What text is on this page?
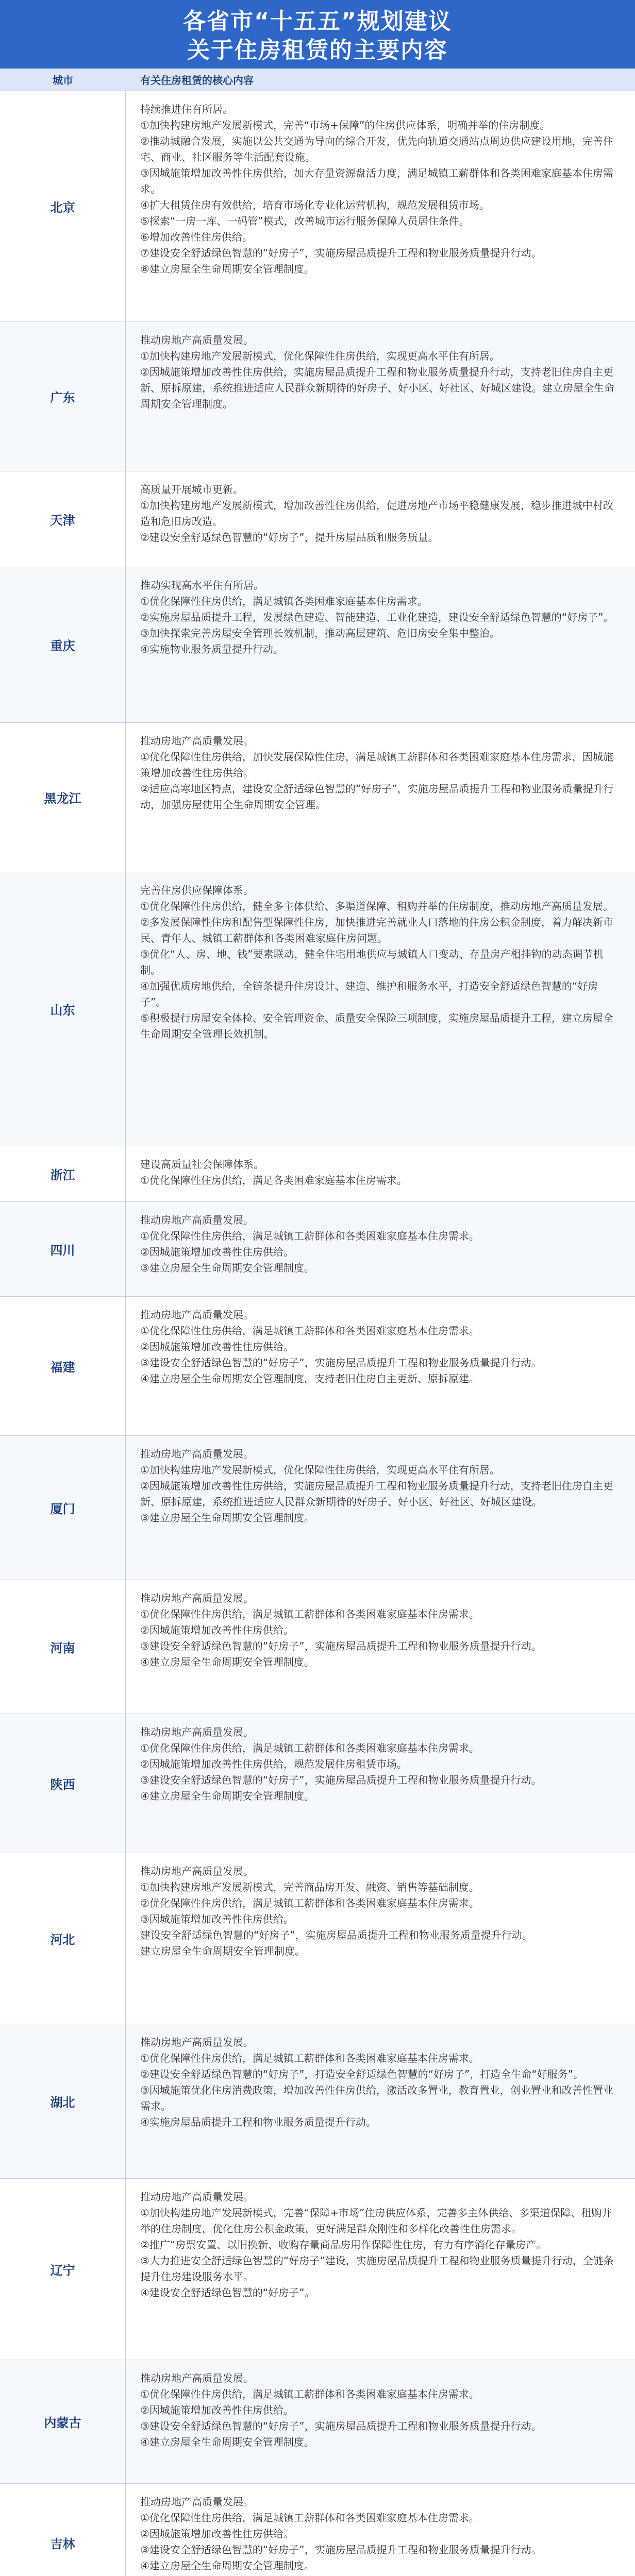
各省市“十五五”规划建议
关于住房租赁的主要内容
城市	有关住房租赁的核心内容
北京

持续推进住有所居。

①加快构建房地产发展新模式，完善“市场+保障”的住房供应体系，明确并举的住房制度。

②推动城融合发展，实施以公共交通为导向的综合开发，优先向轨道交通站点周边供应建设用地，完善住宅、商业、社区服务等生活配套设施。

③因城施策增加改善性住房供给，加大存量资源盘活力度，满足城镇工薪群体和各类困难家庭基本住房需求。

④扩大租赁住房有效供给，培育市场化专业化运营机构，规范发展租赁市场。

⑤探索“一房一库、一码管”模式，改善城市运行服务保障人员居住条件。

⑥增加改善性住房供给。

⑦建设安全舒适绿色智慧的“好房子”，实施房屋品质提升工程和物业服务质量提升行动。

⑧建立房屋全生命周期安全管理制度。

广东

推动房地产高质量发展。

①加快构建房地产发展新模式，优化保障性住房供给，实现更高水平住有所居。

②因城施策增加改善性住房供给，实施房屋品质提升工程和物业服务质量提升行动，支持老旧住房自主更新、原拆原建，系统推进适应人民群众新期待的好房子、好小区、好社区、好城区建设。建立房屋全生命周期安全管理制度。

天津

高质量开展城市更新。

①加快构建房地产发展新模式，增加改善性住房供给，促进房地产市场平稳健康发展，稳步推进城中村改造和危旧房改造。

②建设安全舒适绿色智慧的“好房子”，提升房屋品质和服务质量。

重庆

推动实现高水平住有所居。

①优化保障性住房供给，满足城镇各类困难家庭基本住房需求。

②实施房屋品质提升工程，发展绿色建造、智能建造、工业化建造，建设安全舒适绿色智慧的“好房子”。

③加快探索完善房屋安全管理长效机制，推动高层建筑、危旧房安全集中整治。

④实施物业服务质量提升行动。

黑龙江

推动房地产高质量发展。

①优化保障性住房供给，加快发展保障性住房，满足城镇工薪群体和各类困难家庭基本住房需求，因城施策增加改善性住房供给。

②适应高寒地区特点，建设安全舒适绿色智慧的“好房子”，实施房屋品质提升工程和物业服务质量提升行动，加强房屋使用全生命周期安全管理。

山东

完善住房供应保障体系。

①优化保障性住房供给，健全多主体供给、多渠道保障、租购并举的住房制度，推动房地产高质量发展。

②多发展保障性住房和配售型保障性住房，加快推进完善就业人口落地的住房公积金制度，着力解决新市民、青年人、城镇工薪群体和各类困难家庭住房问题。

③优化“人、房、地、钱”要素联动，健全住宅用地供应与城镇人口变动、存量房产相挂钩的动态调节机制。

④加强优质房地供给，全链条提升住房设计、建造、维护和服务水平，打造安全舒适绿色智慧的“好房子”。

⑤积极提行房屋安全体检、安全管理资金、质量安全保险三项制度，实施房屋品质提升工程，建立房屋全生命周期安全管理长效机制。

浙江

建设高质量社会保障体系。

①优化保障性住房供给，满足各类困难家庭基本住房需求。

四川

推动房地产高质量发展。

①优化保障性住房供给，满足城镇工薪群体和各类困难家庭基本住房需求。

②因城施策增加改善性住房供给。

③建立房屋全生命周期安全管理制度。

福建

推动房地产高质量发展。

①优化保障性住房供给，满足城镇工薪群体和各类困难家庭基本住房需求。

②因城施策增加改善性住房供给。

③建设安全舒适绿色智慧的“好房子”，实施房屋品质提升工程和物业服务质量提升行动。

④建立房屋全生命周期安全管理制度，支持老旧住房自主更新、原拆原建。

厦门

推动房地产高质量发展。

①加快构建房地产发展新模式，优化保障性住房供给，实现更高水平住有所居。

②因城施策增加改善性住房供给，实施房屋品质提升工程和物业服务质量提升行动，支持老旧住房自主更新、原拆原建，系统推进适应人民群众新期待的好房子、好小区、好社区、好城区建设。

③建立房屋全生命周期安全管理制度。

河南

推动房地产高质量发展。

①优化保障性住房供给，满足城镇工薪群体和各类困难家庭基本住房需求。

②因城施策增加改善性住房供给。

③建设安全舒适绿色智慧的“好房子”，实施房屋品质提升工程和物业服务质量提升行动。

④建立房屋全生命周期安全管理制度。

陕西

推动房地产高质量发展。

①优化保障性住房供给，满足城镇工薪群体和各类困难家庭基本住房需求。

②因城施策增加改善性住房供给，规范发展住房租赁市场。

③建设安全舒适绿色智慧的“好房子”，实施房屋品质提升工程和物业服务质量提升行动。

④建立房屋全生命周期安全管理制度。

河北

推动房地产高质量发展。

①加快构建房地产发展新模式，完善商品房开发、融资、销售等基础制度。

②优化保障性住房供给，满足城镇工薪群体和各类困难家庭基本住房需求。

③因城施策增加改善性住房供给。

建设安全舒适绿色智慧的“好房子”，实施房屋品质提升工程和物业服务质量提升行动。

建立房屋全生命周期安全管理制度。

湖北

推动房地产高质量发展。

①优化保障性住房供给，满足城镇工薪群体和各类困难家庭基本住房需求。

②建设安全舒适绿色智慧的“好房子”，打造安全舒适绿色智慧的“好房子”，打造全生命“好服务”。

③因城施策优化住房消费政策，增加改善性住房供给，激活改多置业，教育置业，创业置业和改善性置业需求。

④实施房屋品质提升工程和物业服务质量提升行动。

辽宁

推动房地产高质量发展。

①加快构建房地产发展新模式，完善“保障+市场”住房供应体系，完善多主体供给、多渠道保障、租购并举的住房制度，优化住房公积金政策，更好满足群众刚性和多样化改善性住房需求。

②推广“房票安置、以旧换新、收购存量商品房用作保障性住房，有力有序消化存量房产。

③大力推进安全舒适绿色智慧的“好房子”建设，实施房屋品质提升工程和物业服务质量提升行动，全链条提升住房建设服务水平。

④建设安全舒适绿色智慧的“好房子”。

内蒙古

推动房地产高质量发展。

①优化保障性住房供给，满足城镇工薪群体和各类困难家庭基本住房需求。

②因城施策增加改善性住房供给。

③建设安全舒适绿色智慧的“好房子”，实施房屋品质提升工程和物业服务质量提升行动。

④建立房屋全生命周期安全管理制度。

吉林

推动房地产高质量发展。

①优化保障性住房供给，满足城镇工薪群体和各类困难家庭基本住房需求。

②因城施策增加改善性住房供给。

③建设安全舒适绿色智慧的“好房子”，实施房屋品质提升工程和物业服务质量提升行动。

④建立房屋全生命周期安全管理制度。
